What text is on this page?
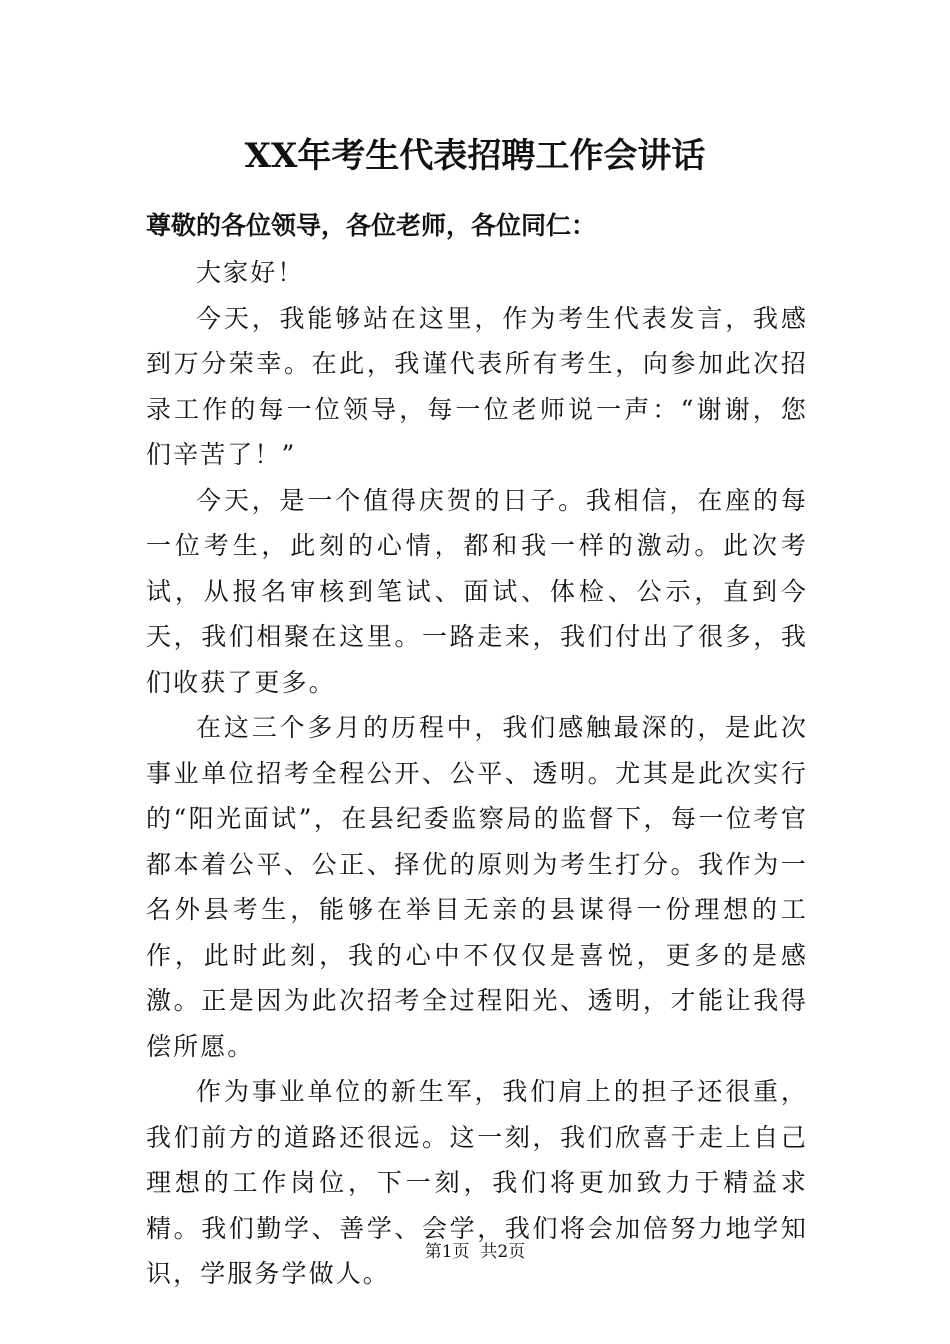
XX年考生代表招聘工作会讲话
尊敬的各位领导，各位老师，各位同仁：

大家好！

今天，我能够站在这里，作为考生代表发言，我感到万分荣幸。在此，我谨代表所有考生，向参加此次招录工作的每一位领导，每一位老师说一声：“谢谢，您们辛苦了！”

今天，是一个值得庆贺的日子。我相信，在座的每一位考生，此刻的心情，都和我一样的激动。此次考试，从报名审核到笔试、面试、体检、公示，直到今天，我们相聚在这里。一路走来，我们付出了很多，我们收获了更多。

在这三个多月的历程中，我们感触最深的，是此次事业单位招考全程公开、公平、透明。尤其是此次实行的“阳光面试”，在县纪委监察局的监督下，每一位考官都本着公平、公正、择优的原则为考生打分。我作为一名外县考生，能够在举目无亲的县谋得一份理想的工作，此时此刻，我的心中不仅仅是喜悦，更多的是感激。正是因为此次招考全过程阳光、透明，才能让我得偿所愿。

作为事业单位的新生军，我们肩上的担子还很重，我们前方的道路还很远。这一刻，我们欣喜于走上自己理想的工作岗位，下一刻，我们将更加致力于精益求精。我们勤学、善学、会学，我们将会加倍努力地学知识，学服务学做人。

第1页  共2页
